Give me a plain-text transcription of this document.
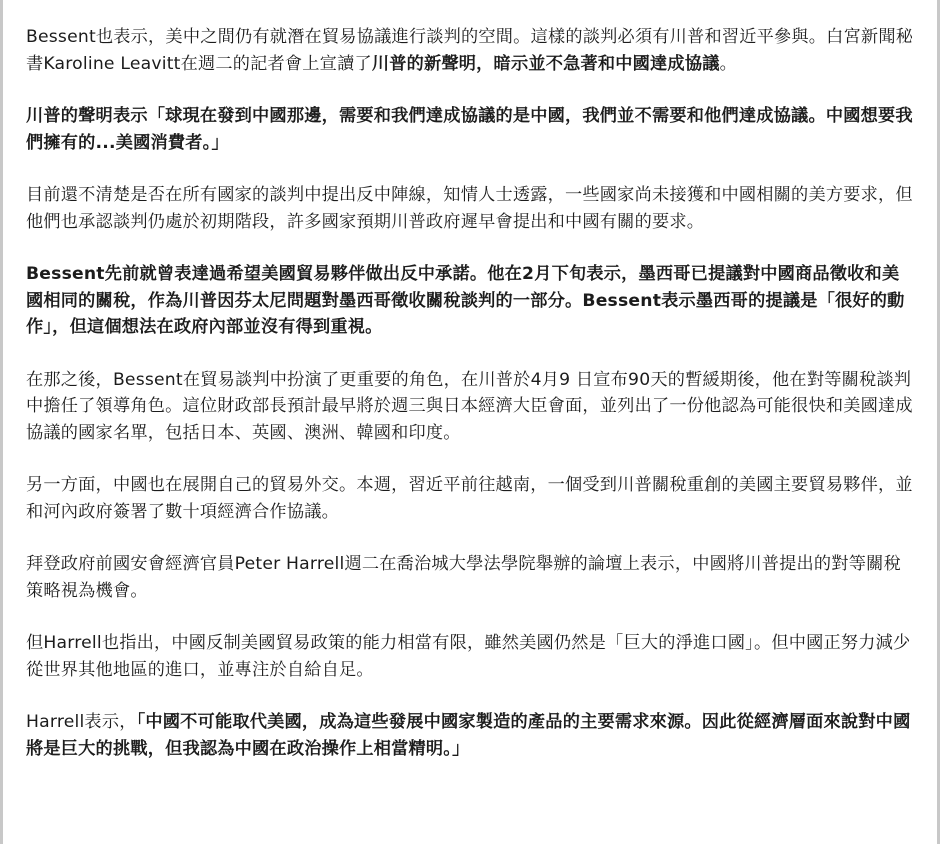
Bessent也表示，美中之間仍有就潛在貿易協議進行談判的空間。這樣的談判必須有川普和習近平參與。白宮新聞秘書Karoline Leavitt在週二的記者會上宣讀了川普的新聲明，暗示並不急著和中國達成協議。

川普的聲明表示「球現在發到中國那邊，需要和我們達成協議的是中國，我們並不需要和他們達成協議。中國想要我們擁有的...美國消費者。」

目前還不清楚是否在所有國家的談判中提出反中陣線，知情人士透露，一些國家尚未接獲和中國相關的美方要求，但他們也承認談判仍處於初期階段，許多國家預期川普政府遲早會提出和中國有關的要求。

Bessent先前就曾表達過希望美國貿易夥伴做出反中承諾。他在2月下旬表示，墨西哥已提議對中國商品徵收和美國相同的關稅，作為川普因芬太尼問題對墨西哥徵收關稅談判的一部分。Bessent表示墨西哥的提議是「很好的動作」，但這個想法在政府內部並沒有得到重視。

在那之後，Bessent在貿易談判中扮演了更重要的角色，在川普於4月9 日宣布90天的暫緩期後，他在對等關稅談判中擔任了領導角色。這位財政部長預計最早將於週三與日本經濟大臣會面，並列出了一份他認為可能很快和美國達成協議的國家名單，包括日本、英國、澳洲、韓國和印度。

另一方面，中國也在展開自己的貿易外交。本週，習近平前往越南，一個受到川普關稅重創的美國主要貿易夥伴，並和河內政府簽署了數十項經濟合作協議。

拜登政府前國安會經濟官員Peter Harrell週二在喬治城大學法學院舉辦的論壇上表示，中國將川普提出的對等關稅策略視為機會。

但Harrell也指出，中國反制美國貿易政策的能力相當有限，雖然美國仍然是「巨大的淨進口國」。但中國正努力減少從世界其他地區的進口，並專注於自給自足。

Harrell表示，「中國不可能取代美國，成為這些發展中國家製造的產品的主要需求來源。因此從經濟層面來說對中國將是巨大的挑戰，但我認為中國在政治操作上相當精明。」
